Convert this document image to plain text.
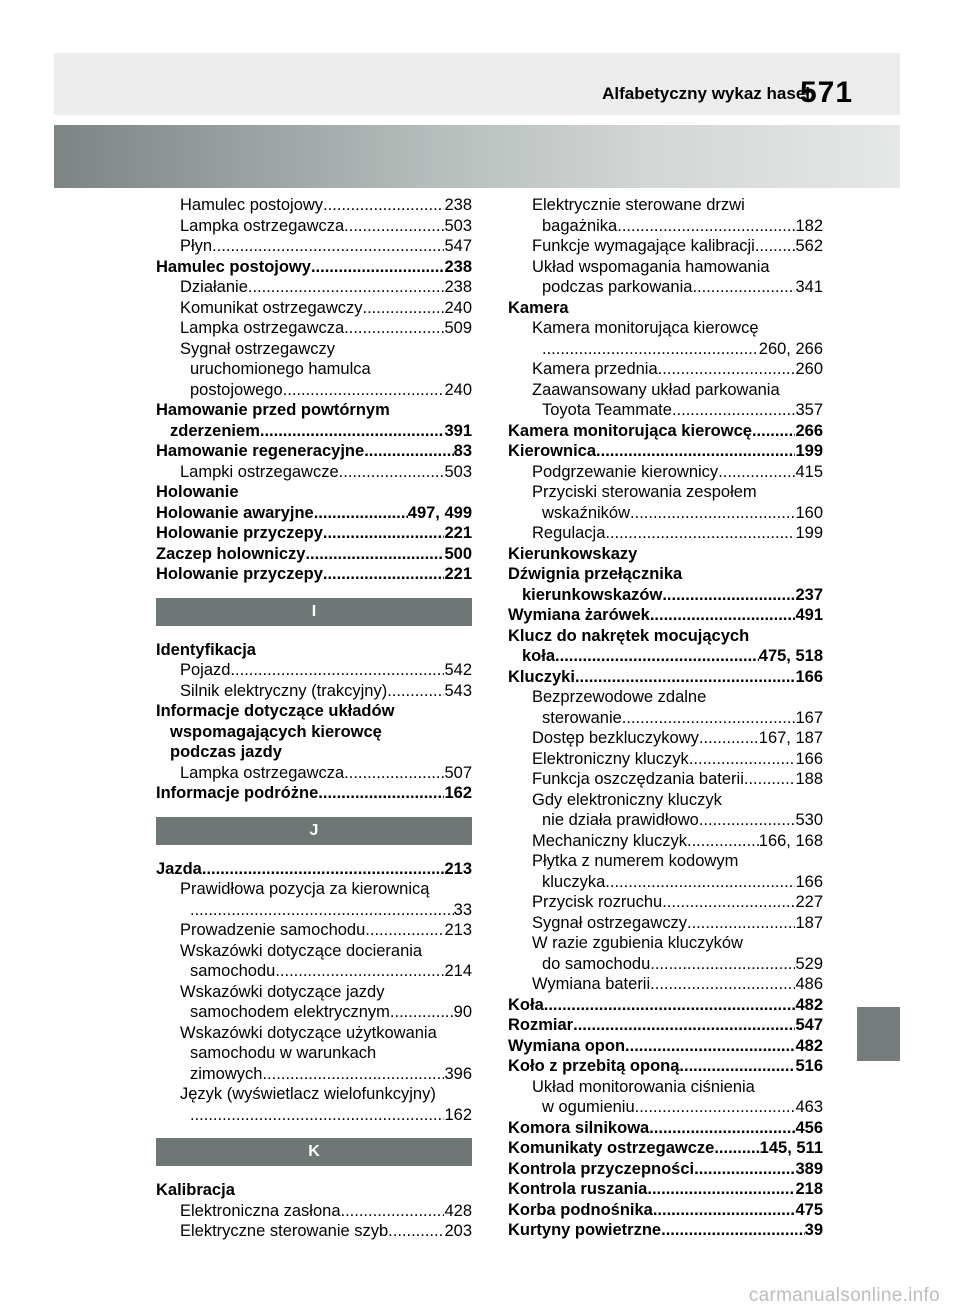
Alfabetyczny wykaz haseł
571
Hamulec postojowy .....	238
Lampka ostrzegawcza .....	503
Płyn .....	547
Hamulec postojowy .....	238
Działanie .....	238
Komunikat ostrzegawczy .....	240
Lampka ostrzegawcza .....	509
Sygnał ostrzegawczy
uruchomionego hamulca
postojowego .....	240
Hamowanie przed powtórnym
zderzeniem .....	391
Hamowanie regeneracyjne .....	83
Lampki ostrzegawcze .....	503
Holowanie
Holowanie awaryjne .....	497, 499
Holowanie przyczepy .....	221
Zaczep holowniczy .....	500
Holowanie przyczepy .....	221
I
Identyfikacja
Pojazd .....	542
Silnik elektryczny (trakcyjny) .....	543
Informacje dotyczące układów
wspomagających kierowcę
podczas jazdy
Lampka ostrzegawcza .....	507
Informacje podróżne .....	162
J
Jazda .....	213
Prawidłowa pozycja za kierownicą
.....
33
Prowadzenie samochodu .....	213
Wskazówki dotyczące docierania
samochodu .....	214
Wskazówki dotyczące jazdy
samochodem elektrycznym .....	90
Wskazówki dotyczące użytkowania
samochodu w warunkach
zimowych .....	396
Język (wyświetlacz wielofunkcyjny)
.....
162
K
Kalibracja
Elektroniczna zasłona .....	428
Elektryczne sterowanie szyb .....	203
Elektrycznie sterowane drzwi
bagażnika .....	182
Funkcje wymagające kalibracji ..... 562
Układ wspomagania hamowania
podczas parkowania .....	341
Kamera
Kamera monitorująca kierowcę
.....
260, 266
Kamera przednia .....	260
Zaawansowany układ parkowania
Toyota Teammate .....	357
Kamera monitorująca kierowcę .....	266
Kierownica .....	199
Podgrzewanie kierownicy .....	415
Przyciski sterowania zespołem
wskaźników .....	160
Regulacja .....	199
Kierunkowskazy
Dźwignia przełącznika
kierunkowskazów .....	237
Wymiana żarówek .....	491
Klucz do nakrętek mocujących
koła .....	475, 518
Kluczyki .....	166
Bezprzewodowe zdalne
sterowanie .....	167
Dostęp bezkluczykowy .....	167, 187
Elektroniczny kluczyk .....	166
Funkcja oszczędzania baterii .....	188
Gdy elektroniczny kluczyk
nie działa prawidłowo .....	530
Mechaniczny kluczyk .....	166, 168
Płytka z numerem kodowym
kluczyka .....	166
Przycisk rozruchu .....	227
Sygnał ostrzegawczy .....	187
W razie zgubienia kluczyków
do samochodu .....	529
Wymiana baterii .....	486
Koła .....	482
Rozmiar .....	547
Wymiana opon .....	482
Koło z przebitą oponą .....	516
Układ monitorowania ciśnienia
w ogumieniu .....	463
Komora silnikowa .....	456
Komunikaty ostrzegawcze .....	145, 511
Kontrola przyczepności .....	389
Kontrola ruszania .....	218
Korba podnośnika .....	475
Kurtyny powietrzne .....	39
carmanualsonline.info
